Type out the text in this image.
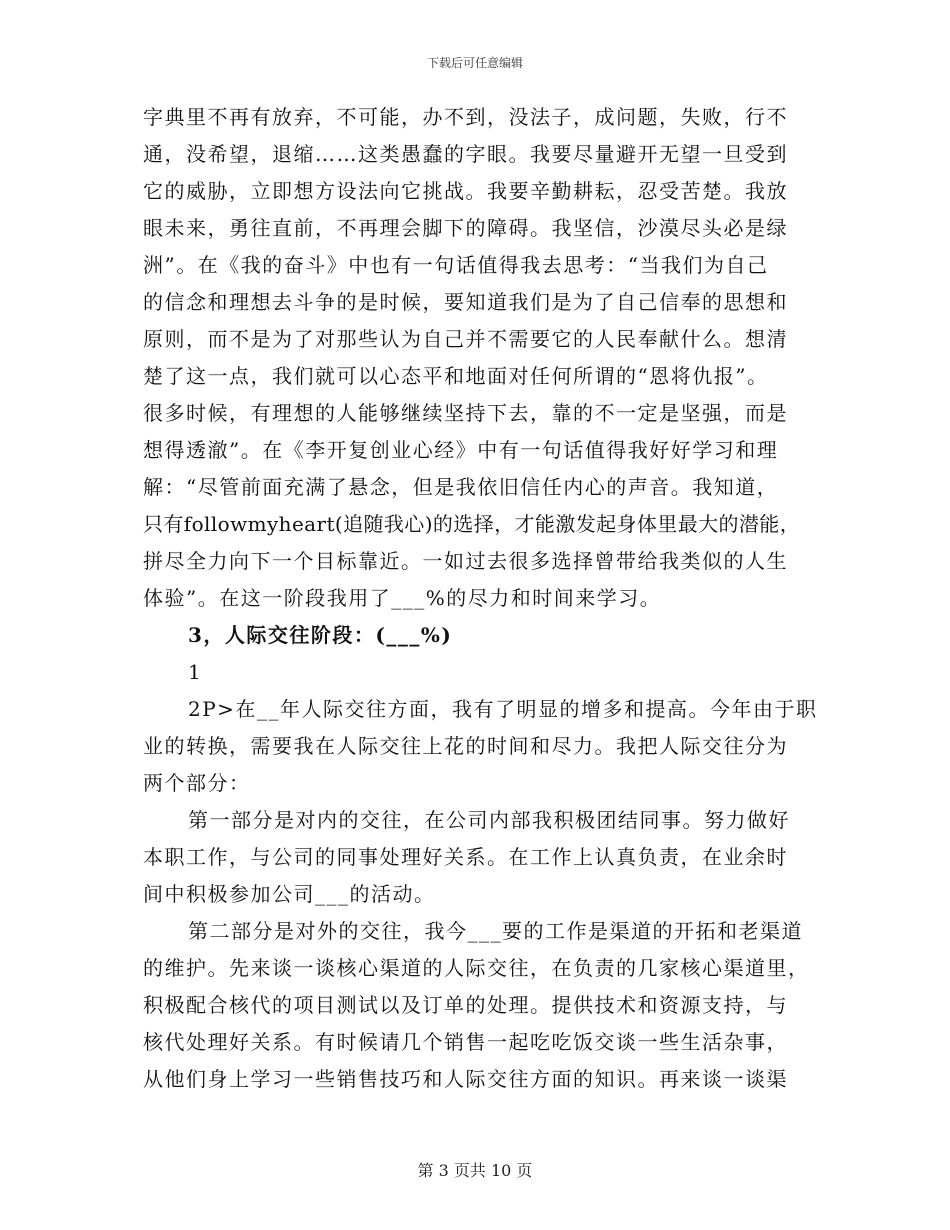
下载后可任意编辑
字典里不再有放弃，不可能，办不到，没法子，成问题，失败，行不
通，没希望，退缩……这类愚蠢的字眼。我要尽量避开无望一旦受到
它的威胁，立即想方设法向它挑战。我要辛勤耕耘，忍受苦楚。我放
眼未来，勇往直前，不再理会脚下的障碍。我坚信，沙漠尽头必是绿
洲”。在《我的奋斗》中也有一句话值得我去思考：“当我们为自己
的信念和理想去斗争的是时候，要知道我们是为了自己信奉的思想和
原则，而不是为了对那些认为自己并不需要它的人民奉献什么。想清
楚了这一点，我们就可以心态平和地面对任何所谓的“恩将仇报”。
很多时候，有理想的人能够继续坚持下去，靠的不一定是坚强，而是
想得透澈”。在《李开复创业心经》中有一句话值得我好好学习和理
解：“尽管前面充满了悬念，但是我依旧信任内心的声音。我知道，
只有followmyheart(追随我心)的选择，才能激发起身体里最大的潜能，
拼尽全力向下一个目标靠近。一如过去很多选择曾带给我类似的人生
体验”。在这一阶段我用了___%的尽力和时间来学习。
3，人际交往阶段：(___%)
1
2P>在__年人际交往方面，我有了明显的增多和提高。今年由于职
业的转换，需要我在人际交往上花的时间和尽力。我把人际交往分为
两个部分：
第一部分是对内的交往，在公司内部我积极团结同事。努力做好
本职工作，与公司的同事处理好关系。在工作上认真负责，在业余时
间中积极参加公司___的活动。
第二部分是对外的交往，我今___要的工作是渠道的开拓和老渠道
的维护。先来谈一谈核心渠道的人际交往，在负责的几家核心渠道里，
积极配合核代的项目测试以及订单的处理。提供技术和资源支持，与
核代处理好关系。有时候请几个销售一起吃吃饭交谈一些生活杂事，
从他们身上学习一些销售技巧和人际交往方面的知识。再来谈一谈渠
第 3 页共 10 页
